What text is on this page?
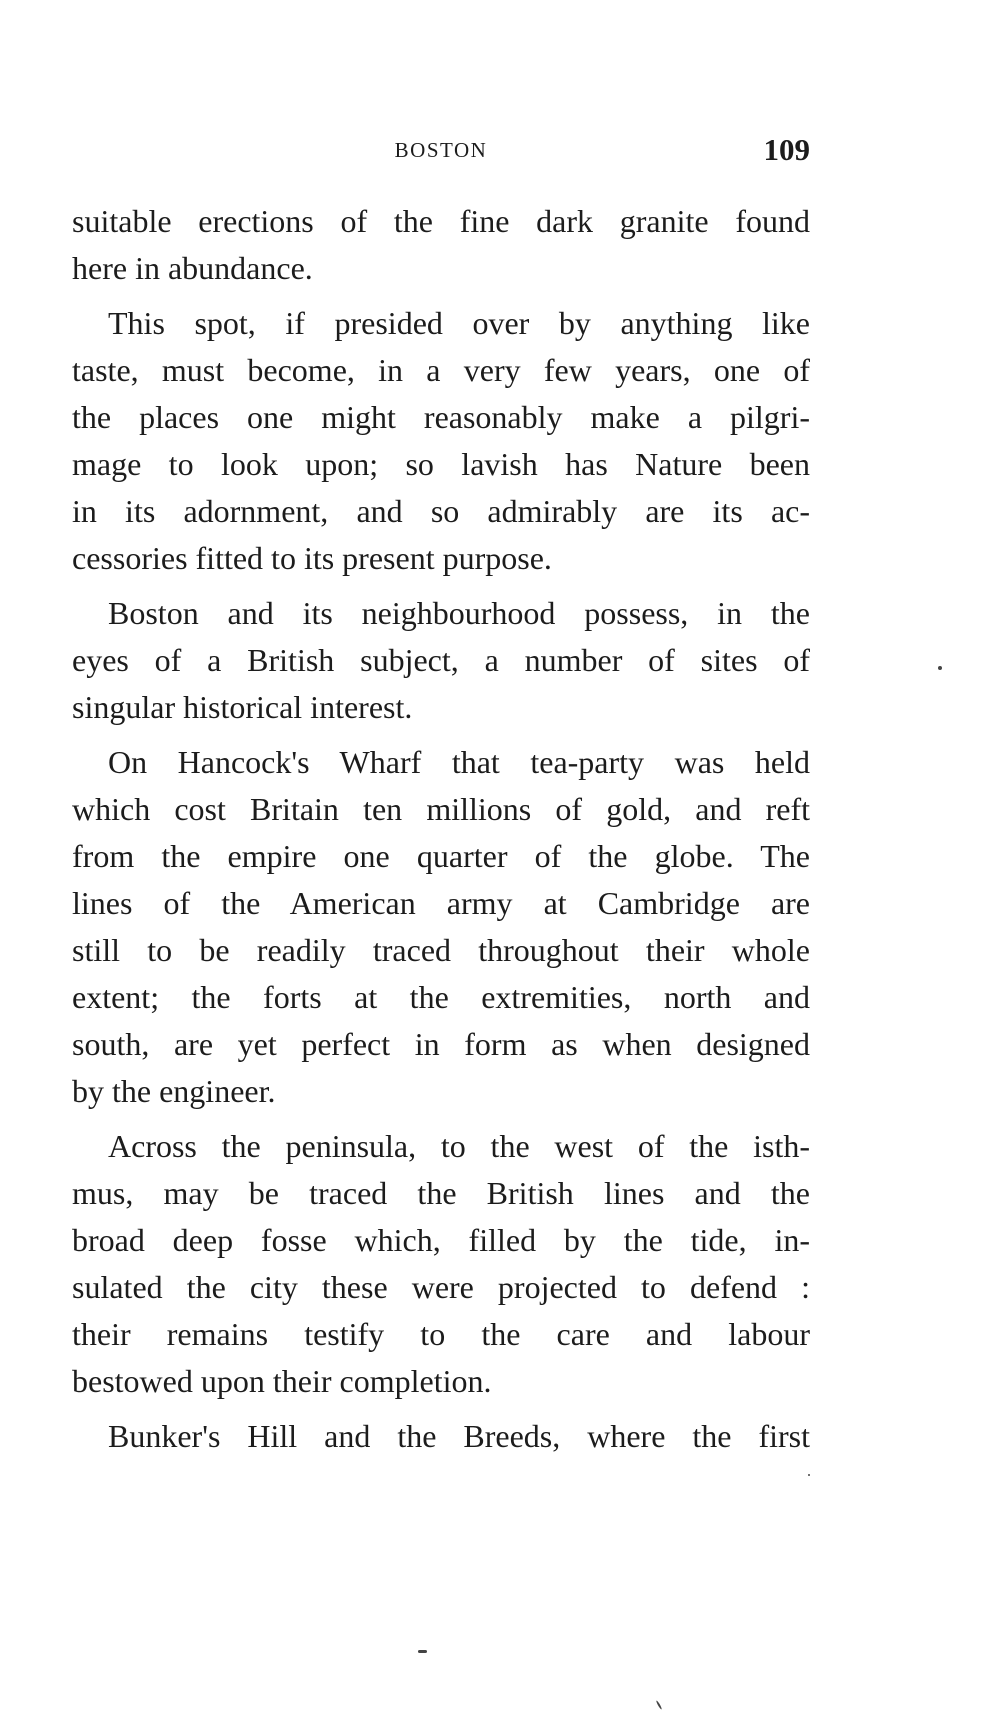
BOSTON	109
suitable erections of the fine dark granite found
here in abundance.
This spot, if presided over by anything like
taste, must become, in a very few years, one of
the places one might reasonably make a pilgri-
mage to look upon; so lavish has Nature been
in its adornment, and so admirably are its ac-
cessories fitted to its present purpose.
Boston and its neighbourhood possess, in the
eyes of a British subject, a number of sites of
singular historical interest.
On Hancock's Wharf that tea-party was held
which cost Britain ten millions of gold, and reft
from the empire one quarter of the globe. The
lines of the American army at Cambridge are
still to be readily traced throughout their whole
extent; the forts at the extremities, north and
south, are yet perfect in form as when designed
by the engineer.
Across the peninsula, to the west of the isth-
mus, may be traced the British lines and the
broad deep fosse which, filled by the tide, in-
sulated the city these were projected to defend :
their remains testify to the care and labour
bestowed upon their completion.
Bunker's Hill and the Breeds, where the first
